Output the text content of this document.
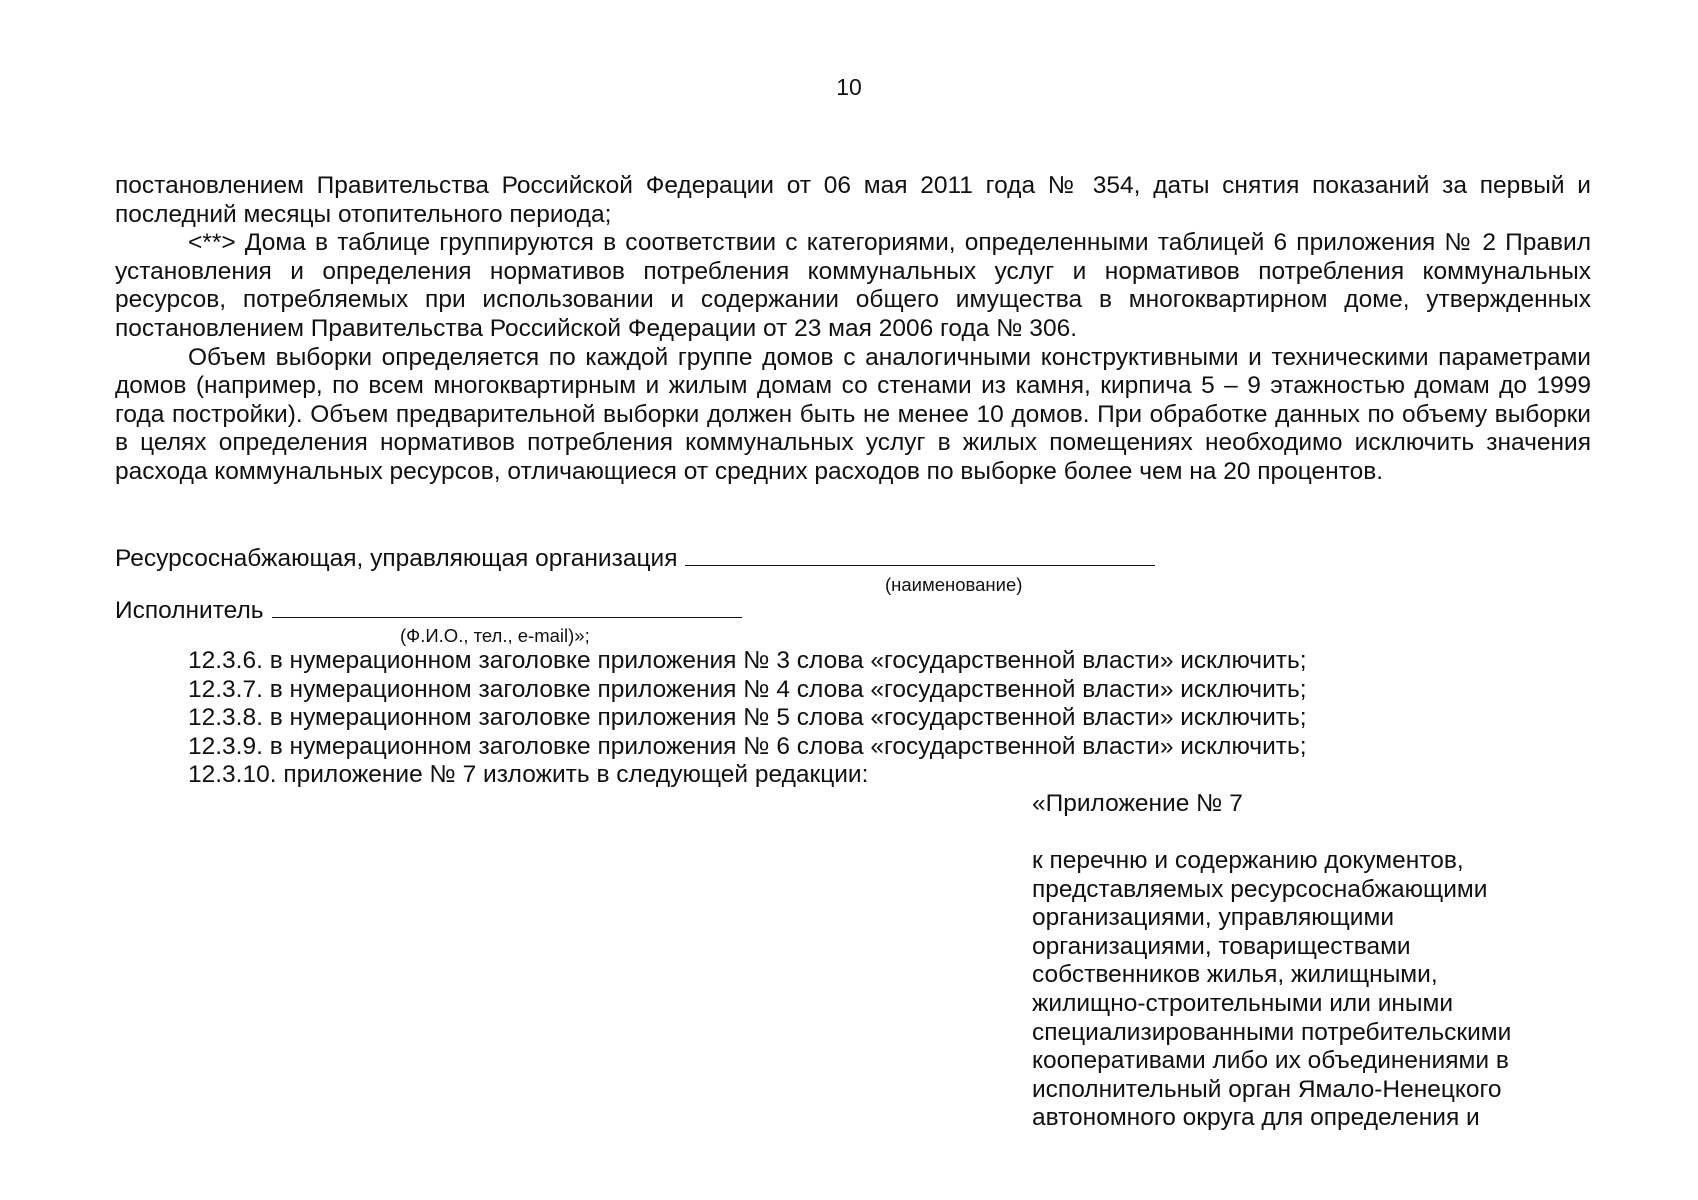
10

постановлением Правительства Российской Федерации от 06 мая 2011 года № 354, даты снятия показаний за первый и последний месяцы отопительного периода;

<**> Дома в таблице группируются в соответствии с категориями, определенными таблицей 6 приложения № 2 Правил установления и определения нормативов потребления коммунальных услуг и нормативов потребления коммунальных ресурсов, потребляемых при использовании и содержании общего имущества в многоквартирном доме, утвержденных постановлением Правительства Российской Федерации от 23 мая 2006 года № 306.

Объем выборки определяется по каждой группе домов с аналогичными конструктивными и техническими параметрами домов (например, по всем многоквартирным и жилым домам со стенами из камня, кирпича 5 – 9 этажностью домам до 1999 года постройки). Объем предварительной выборки должен быть не менее 10 домов. При обработке данных по объему выборки в целях определения нормативов потребления коммунальных услуг в жилых помещениях необходимо исключить значения расхода коммунальных ресурсов, отличающиеся от средних расходов по выборке более чем на 20 процентов.

Ресурсоснабжающая, управляющая организация
(наименование)
Исполнитель
(Ф.И.О., тел., e-mail)»;
12.3.6. в нумерационном заголовке приложения № 3 слова «государственной власти» исключить;
12.3.7. в нумерационном заголовке приложения № 4 слова «государственной власти» исключить;
12.3.8. в нумерационном заголовке приложения № 5 слова «государственной власти» исключить;
12.3.9. в нумерационном заголовке приложения № 6 слова «государственной власти» исключить;
12.3.10. приложение № 7 изложить в следующей редакции:
«Приложение № 7
к перечню и содержанию документов,
представляемых ресурсоснабжающими
организациями, управляющими
организациями, товариществами
собственников жилья, жилищными,
жилищно-строительными или иными
специализированными потребительскими
кооперативами либо их объединениями в
исполнительный орган Ямало-Ненецкого
автономного округа для определения и
